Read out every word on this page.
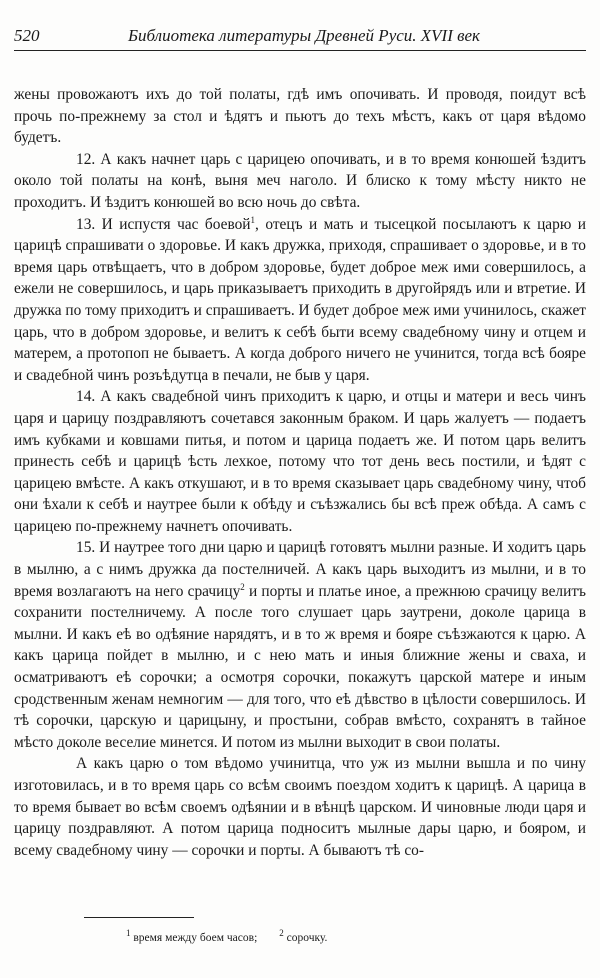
520	Библиотека литературы Древней Руси. XVII век

жены провожают͏ъ их͏ъ до той полаты, гдѣ им͏ъ опочивать. И проводя, поидут всѣ прочь по-прежнему за стол и ѣдят͏ъ и пьют͏ъ до тех͏ъ мѣст͏ъ, как͏ъ от царя вѣдомо будет͏ъ.

12. А как͏ъ начнет царь с царицею опочивать, и в то время конюшей ѣздит͏ъ около той полаты на конѣ, выня меч наголо. И блиско к тому мѣсту никто не проходит͏ъ. И ѣздит͏ъ конюшей во всю ночь до свѣта.

13. И испустя час боевой$^1$, отец͏ъ и мать и тысецкой посылают͏ъ к царю и царицѣ спрашивати о здоровье. И как͏ъ дружка, приходя, спрашивает о здоровье, и в то время царь отвѣщает͏ъ, что в добром здоровье, будет доброе меж ими совершилось, а ежели не совершилось, и царь приказывает͏ъ приходить в другойряд͏ъ или и втретие. И дружка по тому приходит͏ъ и спрашивает͏ъ. И будет доброе меж ими учинилось, скажет царь, что в добром здоровье, и велит͏ъ к себѣ быти всему свадебному чину и отцем и матерем, а протопоп не бывает͏ъ. А когда доброго ничего не учинится, тогда всѣ бояре и свадебной чин͏ъ розъѣдутца в печали, не быв у царя.

14. А как͏ъ свадебной чин͏ъ приходит͏ъ к царю, и отцы и матери и весь чин͏ъ царя и царицу поздравляют͏ъ сочетався законным браком. И царь жалует͏ъ — подает͏ъ им͏ъ кубками и ковшами питья, и потом и царица подает͏ъ же. И потом царь велит͏ъ принесть себѣ и царицѣ ѣсть лехкое, потому что тот день весь постили, и ѣдят с царицею вмѣсте. А как͏ъ откушают, и в то время сказывает царь свадебному чину, чтоб они ѣхали к себѣ и наутрее были к обѣду и съѣзжались бы всѣ преж обѣда. А сам͏ъ с царицею по-прежнему начнет͏ъ опочивать.

15. И наутрее того дни царю и царицѣ готовят͏ъ мылни разные. И ходит͏ъ царь в мылню, а с ним͏ъ дружка да постелничей. А как͏ъ царь выходит͏ъ из мылни, и в то время возлагают͏ъ на него срачицу$^2$ и порты и платье иное, а прежнюю срачицу велит͏ъ сохранити постелничему. А после того слушает царь заутрени, доколе царица в мылни. И как͏ъ еѣ во одѣяние нарядят͏ъ, и в то ж время и бояре съѣзжаются к царю. А как͏ъ царица пойдет в мылню, и с нею мать и иныя ближние жены и сваха, и осматривают͏ъ еѣ сорочки; а осмотря сорочки, покажут͏ъ царской матере и иным сродственным женам немногим — для того, что еѣ дѣвство в цѣлости совершилось. И тѣ сорочки, царскую и царицыну, и простыни, собрав вмѣсто, сохранят͏ъ в тайное мѣсто доколе веселие минется. И потом из мылни выходит в свои полаты.

А как͏ъ царю о том вѣдомо учинитца, что уж из мылни вышла и по чину изготовилась, и в то время царь со всѣм своим͏ъ поездом ходит͏ъ к царицѣ. А царица в то время бывает во всѣм своем͏ъ одѣянии и в вѣнцѣ царском. И чиновные люди царя и царицу поздравляют. А потом царица подносит͏ъ мылные дары царю, и бояром, и всему свадебному чину — сорочки и порты. А бывают͏ъ тѣ со-

$^1$ время между боем часов; $^2$ сорочку.
